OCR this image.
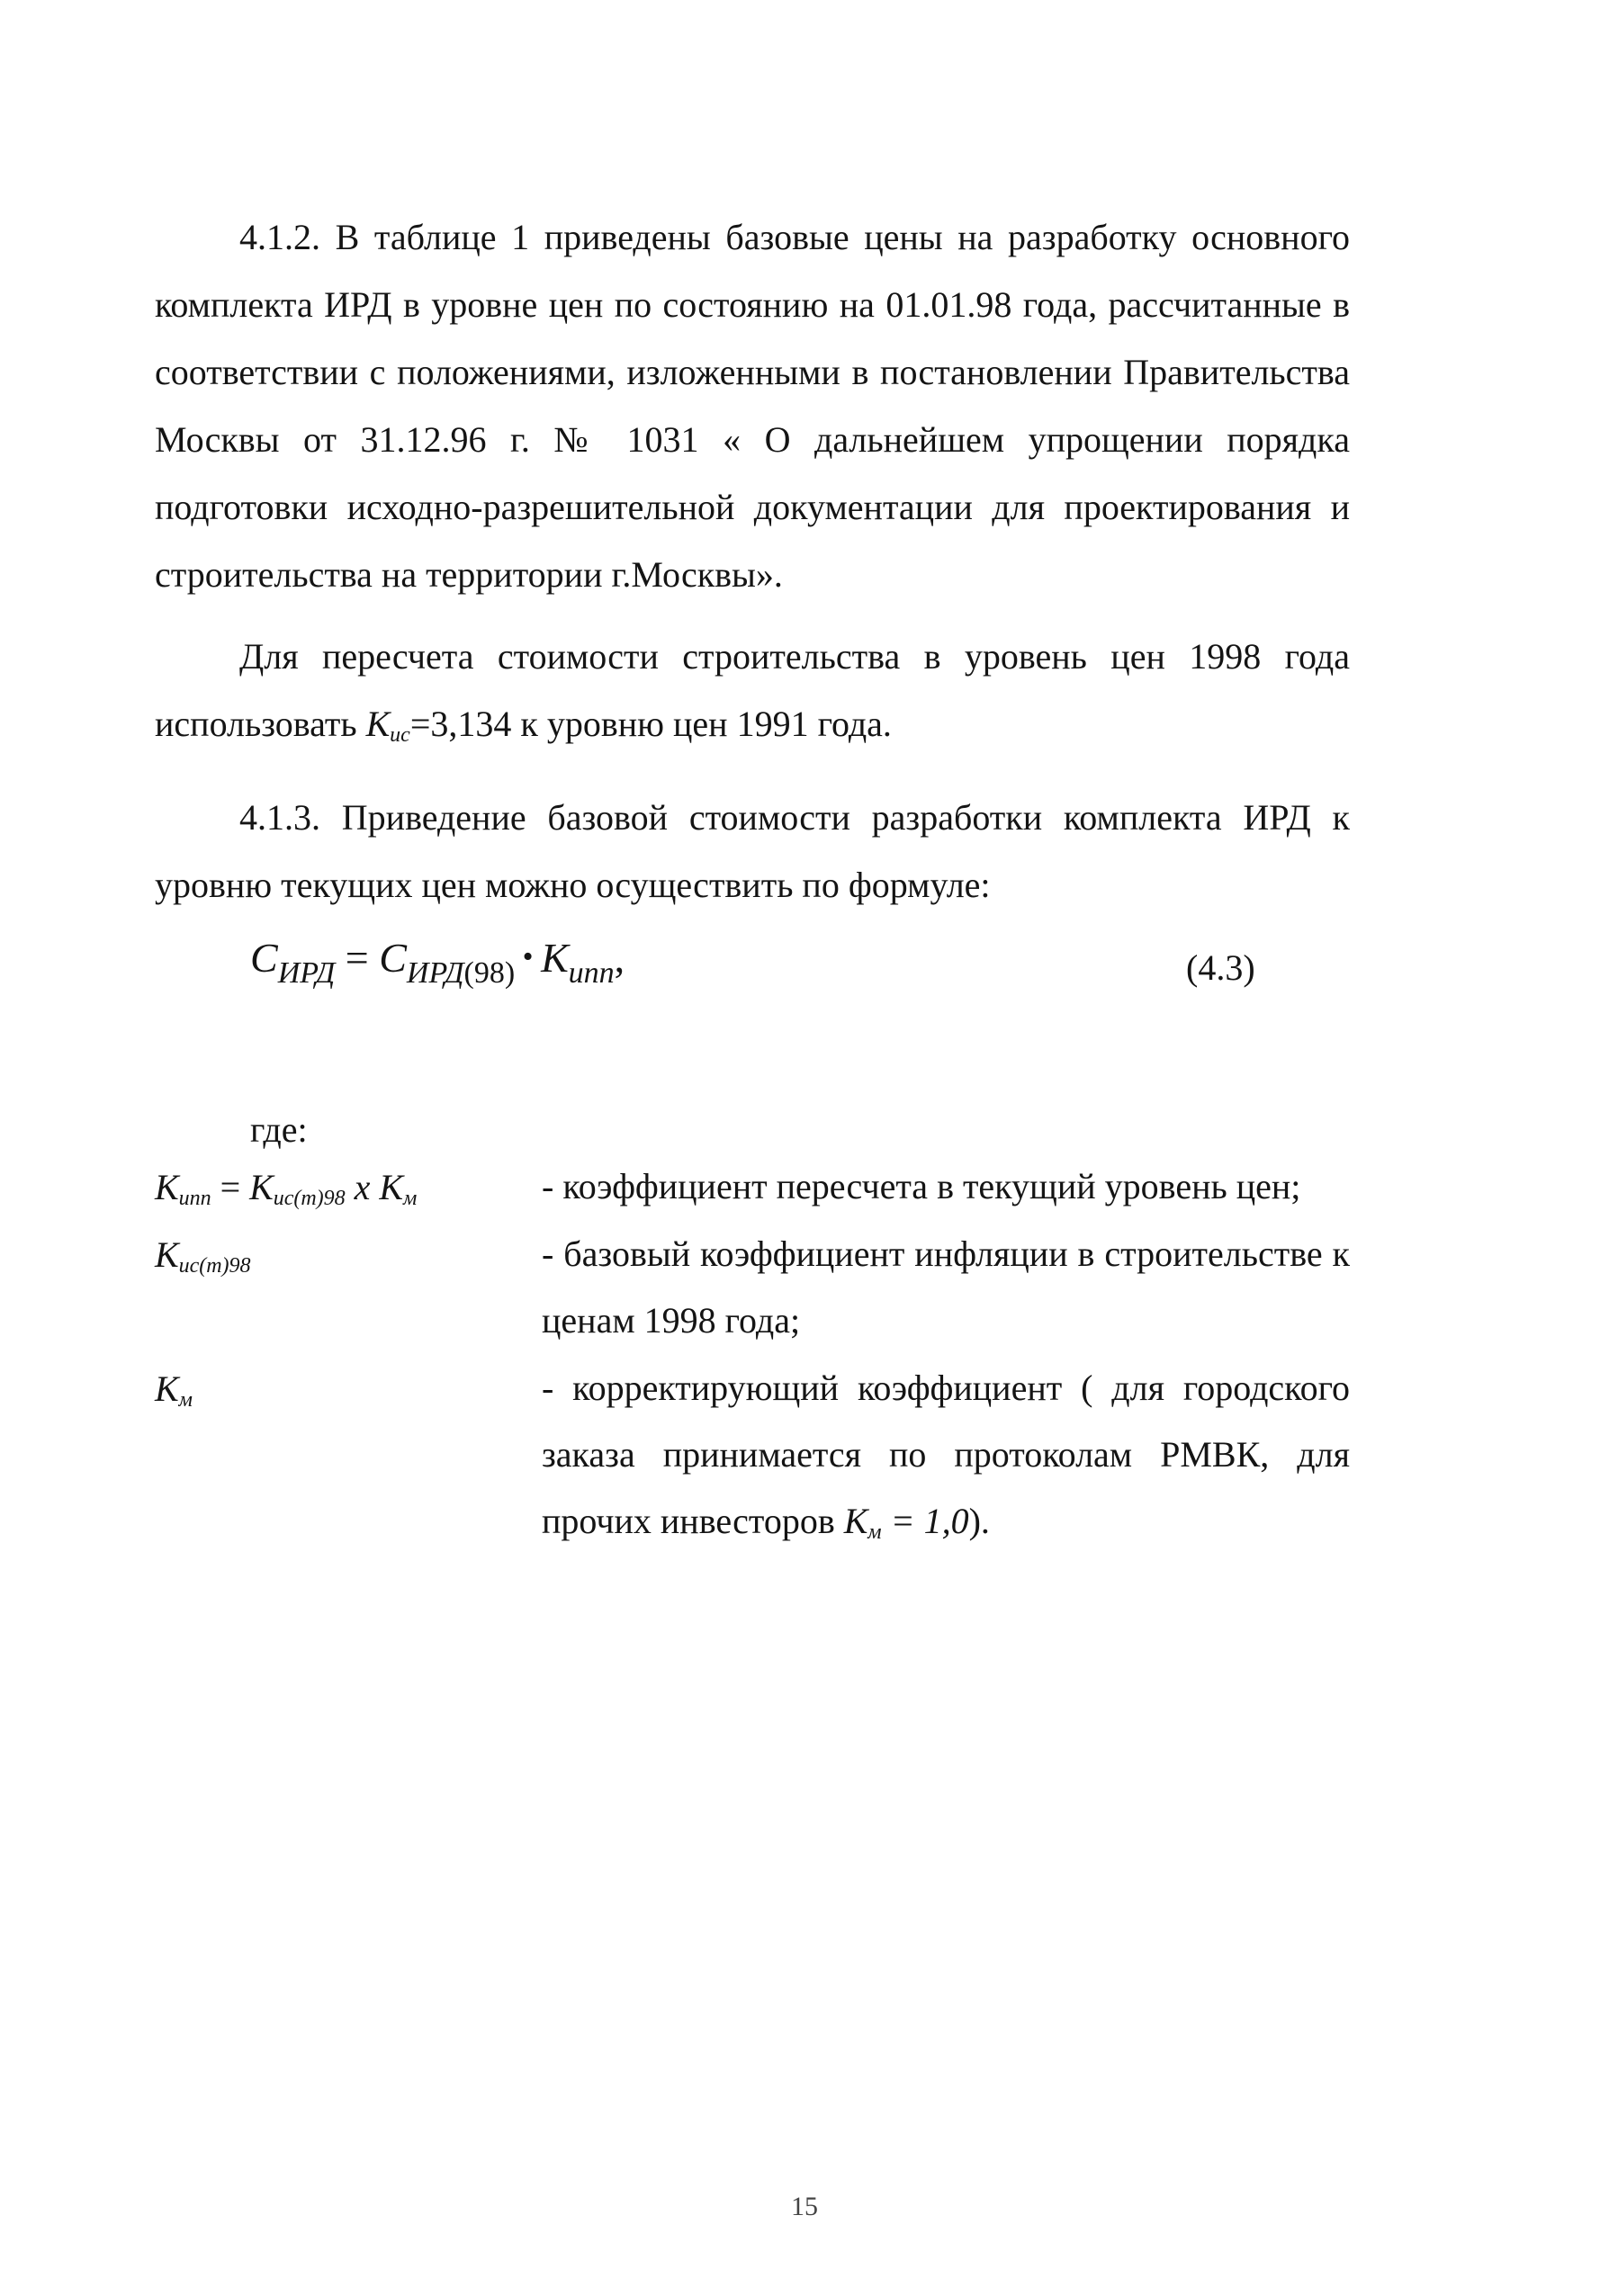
4.1.2. В таблице 1 приведены базовые цены на разработку основного комплекта ИРД в уровне цен по состоянию на 01.01.98 года, рассчитанные в соответствии с положениями, изложенными в постановлении Правительства Москвы от 31.12.96 г. № 1031 « О дальнейшем упрощении порядка подготовки исходно-разрешительной документации для проектирования и строительства на территории г.Москвы».

Для пересчета стоимости строительства в уровень цен 1998 года использовать $К_{ис}=3,134$ к уровню цен 1991 года.

4.1.3. Приведение базовой стоимости разработки комплекта ИРД к уровню текущих цен можно осуществить по формуле:

$С_{ИРД} = С_{ИРД(98)}$ • $К_{ипп}$,	(4.3)
где:
$К_{ипп} = К_{ис(т)98}$ х $К_м$	- коэффициент пересчета в текущий уровень цен;
$К_{ис(т)98}$	- базовый коэффициент инфляции в строительстве к ценам 1998 года;
$К_м$	- корректирующий коэффициент ( для городского заказа принимается по протоколам РМВК, для прочих инвесторов $К_м = 1,0$).
15
